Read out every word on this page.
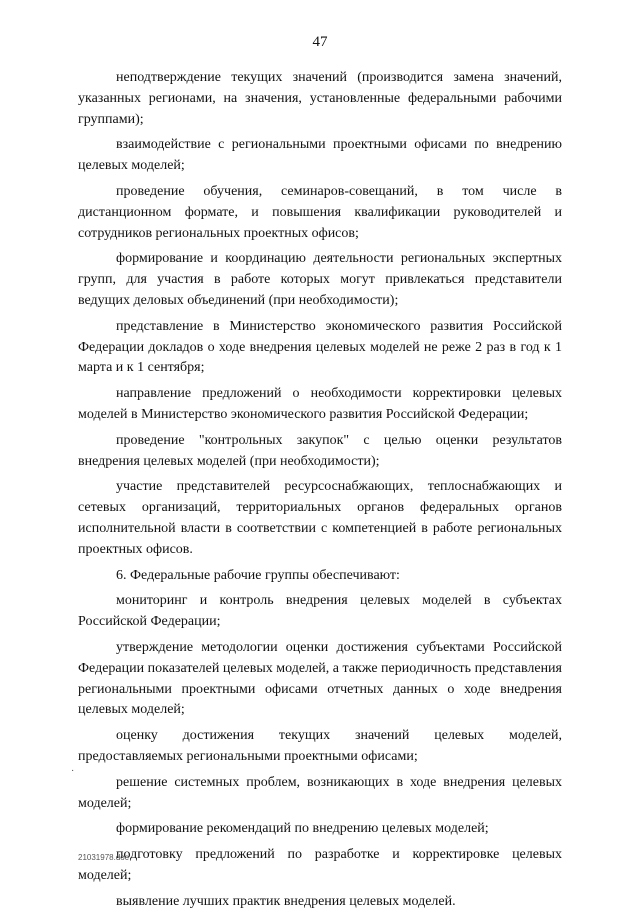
47

неподтверждение текущих значений (производится замена значений, указанных регионами, на значения, установленные федеральными рабочими группами);

взаимодействие с региональными проектными офисами по внедрению целевых моделей;

проведение обучения, семинаров-совещаний, в том числе в дистанционном формате, и повышения квалификации руководителей и сотрудников региональных проектных офисов;

формирование и координацию деятельности региональных экспертных групп, для участия в работе которых могут привлекаться представители ведущих деловых объединений (при необходимости);

представление в Министерство экономического развития Российской Федерации докладов о ходе внедрения целевых моделей не реже 2 раз в год к 1 марта и к 1 сентября;

направление предложений о необходимости корректировки целевых моделей в Министерство экономического развития Российской Федерации;

проведение "контрольных закупок" с целью оценки результатов внедрения целевых моделей (при необходимости);

участие представителей ресурсоснабжающих, теплоснабжающих и сетевых организаций, территориальных органов федеральных органов исполнительной власти в соответствии с компетенцией в работе региональных проектных офисов.

6. Федеральные рабочие группы обеспечивают:

мониторинг и контроль внедрения целевых моделей в субъектах Российской Федерации;

утверждение методологии оценки достижения субъектами Российской Федерации показателей целевых моделей, а также периодичность представления региональными проектными офисами отчетных данных о ходе внедрения целевых моделей;

оценку достижения текущих значений целевых моделей, предоставляемых региональными проектными офисами;

решение системных проблем, возникающих в ходе внедрения целевых моделей;

формирование рекомендаций по внедрению целевых моделей;

подготовку предложений по разработке и корректировке целевых моделей;

выявление лучших практик внедрения целевых моделей.

·
21031978.doc
